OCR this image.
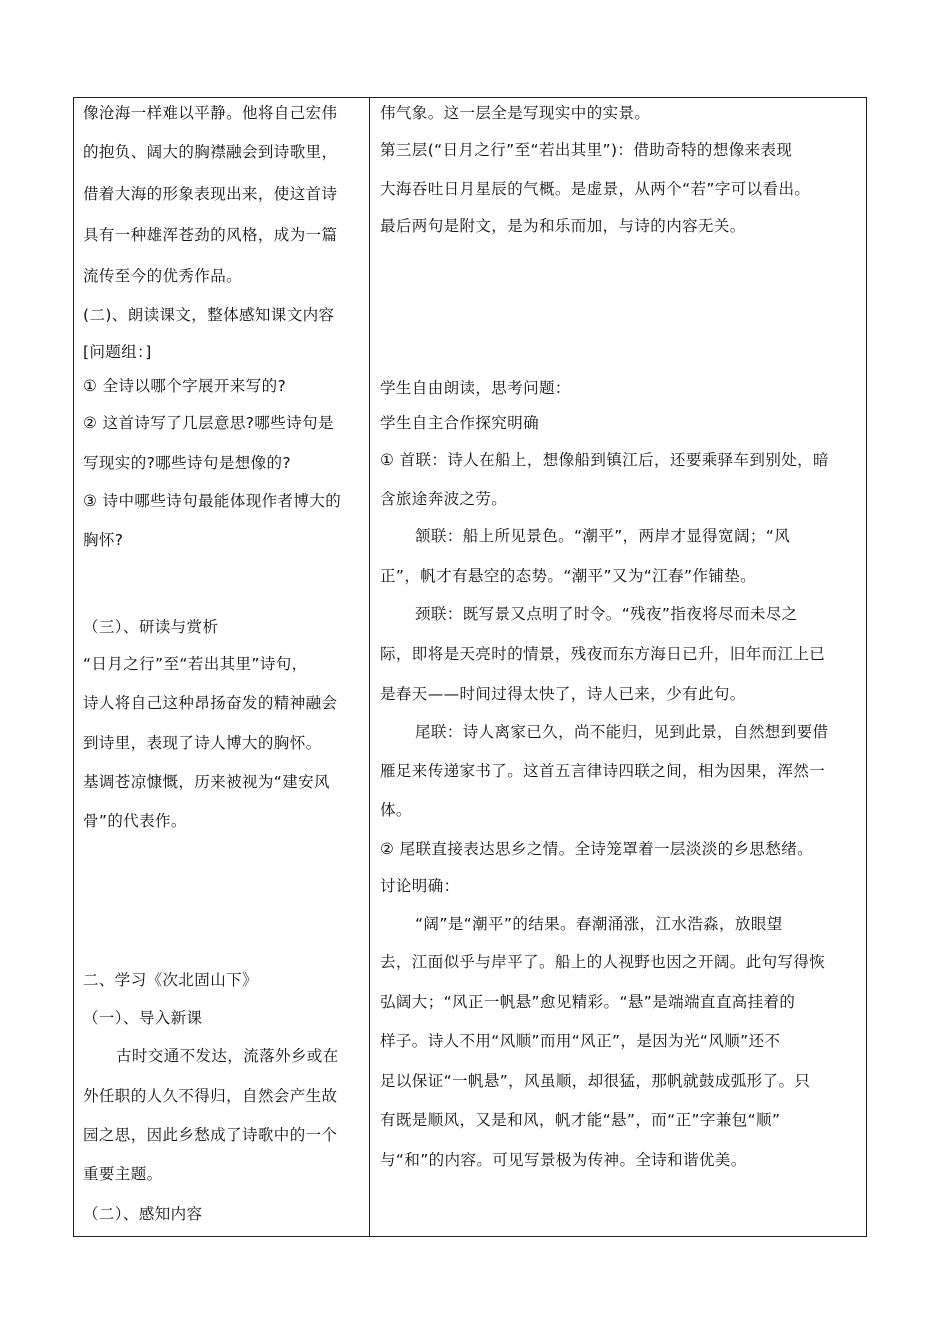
像沧海一样难以平静。他将自己宏伟
的抱负、阔大的胸襟融会到诗歌里，
借着大海的形象表现出来，使这首诗
具有一种雄浑苍劲的风格，成为一篇
流传至今的优秀作品。
(二)、朗读课文，整体感知课文内容
[问题组：]
① 全诗以哪个字展开来写的?
② 这首诗写了几层意思?哪些诗句是
写现实的?哪些诗句是想像的?
③ 诗中哪些诗句最能体现作者博大的
胸怀?
（三）、研读与赏析
“日月之行”至“若出其里”诗句，
诗人将自己这种昂扬奋发的精神融会
到诗里，表现了诗人博大的胸怀。
基调苍凉慷慨，历来被视为“建安风
骨”的代表作。
二、学习《次北固山下》
（一）、导入新课
古时交通不发达，流落外乡或在
外任职的人久不得归，自然会产生故
园之思，因此乡愁成了诗歌中的一个
重要主题。
（二）、感知内容
伟气象。这一层全是写现实中的实景。
第三层(“日月之行”至“若出其里”)：借助奇特的想像来表现
大海吞吐日月星辰的气概。是虚景，从两个“若”字可以看出。
最后两句是附文，是为和乐而加，与诗的内容无关。
学生自由朗读，思考问题：
学生自主合作探究明确
① 首联：诗人在船上，想像船到镇江后，还要乘驿车到别处，暗
含旅途奔波之劳。
颔联：船上所见景色。“潮平”，两岸才显得宽阔；“风
正”，帆才有悬空的态势。“潮平”又为“江春”作铺垫。
颈联：既写景又点明了时令。“残夜”指夜将尽而未尽之
际，即将是天亮时的情景，残夜而东方海日已升，旧年而江上已
是春天——时间过得太快了，诗人已来，少有此句。
尾联：诗人离家已久，尚不能归，见到此景，自然想到要借
雁足来传递家书了。这首五言律诗四联之间，相为因果，浑然一
体。
② 尾联直接表达思乡之情。全诗笼罩着一层淡淡的乡思愁绪。
讨论明确：
“阔”是“潮平”的结果。春潮涌涨，江水浩淼，放眼望
去，江面似乎与岸平了。船上的人视野也因之开阔。此句写得恢
弘阔大；“风正一帆悬”愈见精彩。“悬”是端端直直高挂着的
样子。诗人不用“风顺”而用“风正”，是因为光“风顺”还不
足以保证“一帆悬”，风虽顺，却很猛，那帆就鼓成弧形了。只
有既是顺风，又是和风，帆才能“悬”，而“正”字兼包“顺”
与“和”的内容。可见写景极为传神。全诗和谐优美。
